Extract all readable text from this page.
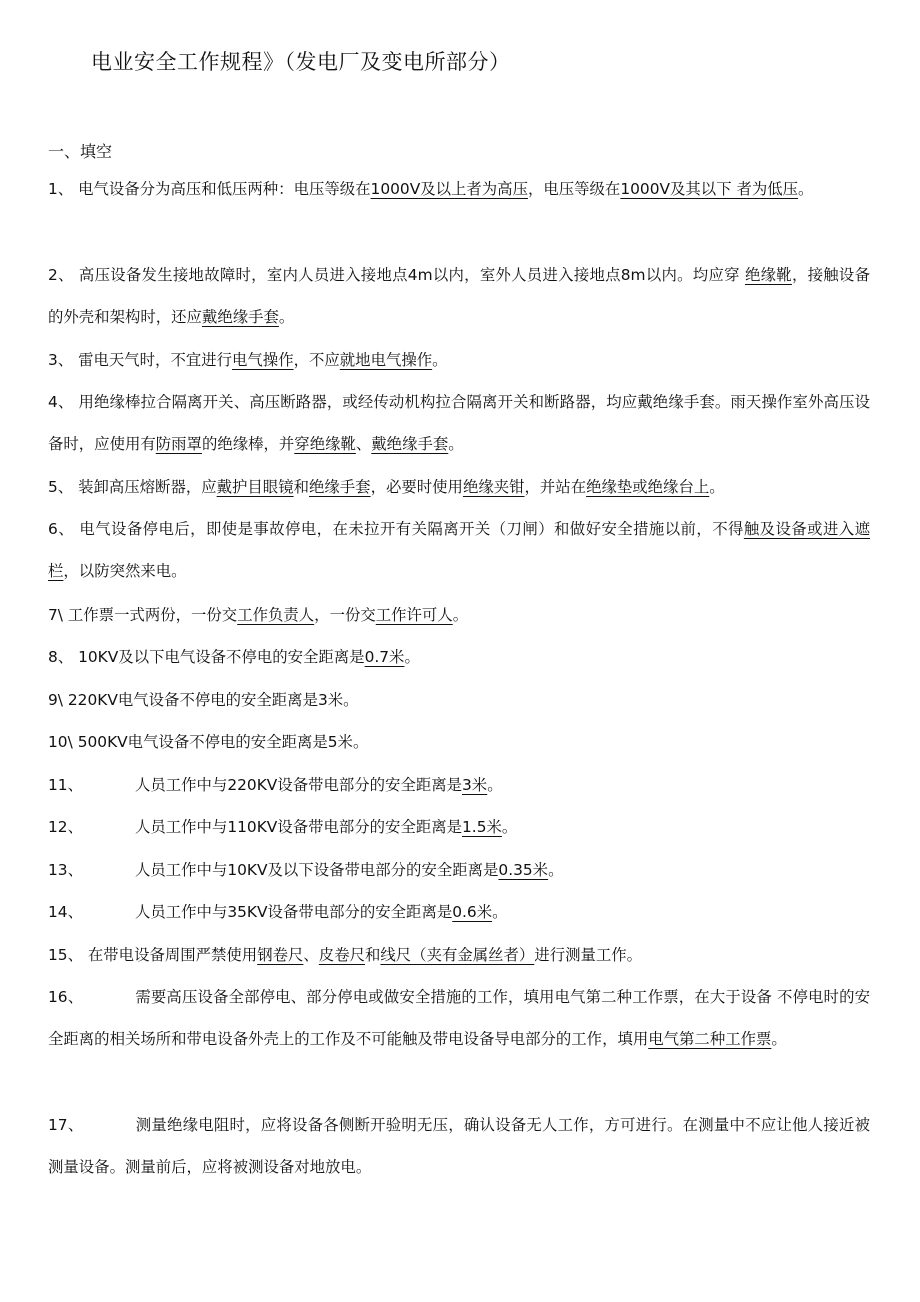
电业安全工作规程》（发电厂及变电所部分）
一、填空
1、 电气设备分为高压和低压两种：电压等级在1000V及以上者为高压，电压等级在1000V及其以下 者为低压。
2、 高压设备发生接地故障时，室内人员进入接地点4m以内，室外人员进入接地点8m以内。均应穿 绝缘靴，接触设备的外壳和架构时，还应戴绝缘手套。
3、 雷电天气时，不宜进行电气操作，不应就地电气操作。
4、 用绝缘棒拉合隔离开关、高压断路器，或经传动机构拉合隔离开关和断路器，均应戴绝缘手套。雨天操作室外高压设备时，应使用有防雨罩的绝缘棒，并穿绝缘靴、戴绝缘手套。
5、 装卸高压熔断器，应戴护目眼镜和绝缘手套，必要时使用绝缘夹钳，并站在绝缘垫或绝缘台上。
6、 电气设备停电后，即使是事故停电，在未拉开有关隔离开关（刀闸）和做好安全措施以前，不得触及设备或进入遮栏，以防突然来电。
7\ 工作票一式两份，一份交工作负责人，一份交工作许可人。
8、 10KV及以下电气设备不停电的安全距离是0.7米。
9\ 220KV电气设备不停电的安全距离是3米。
10\ 500KV电气设备不停电的安全距离是5米。
11、	人员工作中与220KV设备带电部分的安全距离是3米。
12、	人员工作中与110KV设备带电部分的安全距离是1.5米。
13、	人员工作中与10KV及以下设备带电部分的安全距离是0.35米。
14、	人员工作中与35KV设备带电部分的安全距离是0.6米。
15、 在带电设备周围严禁使用钢卷尺、皮卷尺和线尺（夹有金属丝者）进行测量工作。
16、	需要高压设备全部停电、部分停电或做安全措施的工作，填用电气第二种工作票，在大于设备 不停电时的安全距离的相关场所和带电设备外壳上的工作及不可能触及带电设备导电部分的工作，填用电气第二种工作票。
17、	测量绝缘电阻时，应将设备各侧断开验明无压，确认设备无人工作，方可进行。在测量中不应让他人接近被测量设备。测量前后，应将被测设备对地放电。
